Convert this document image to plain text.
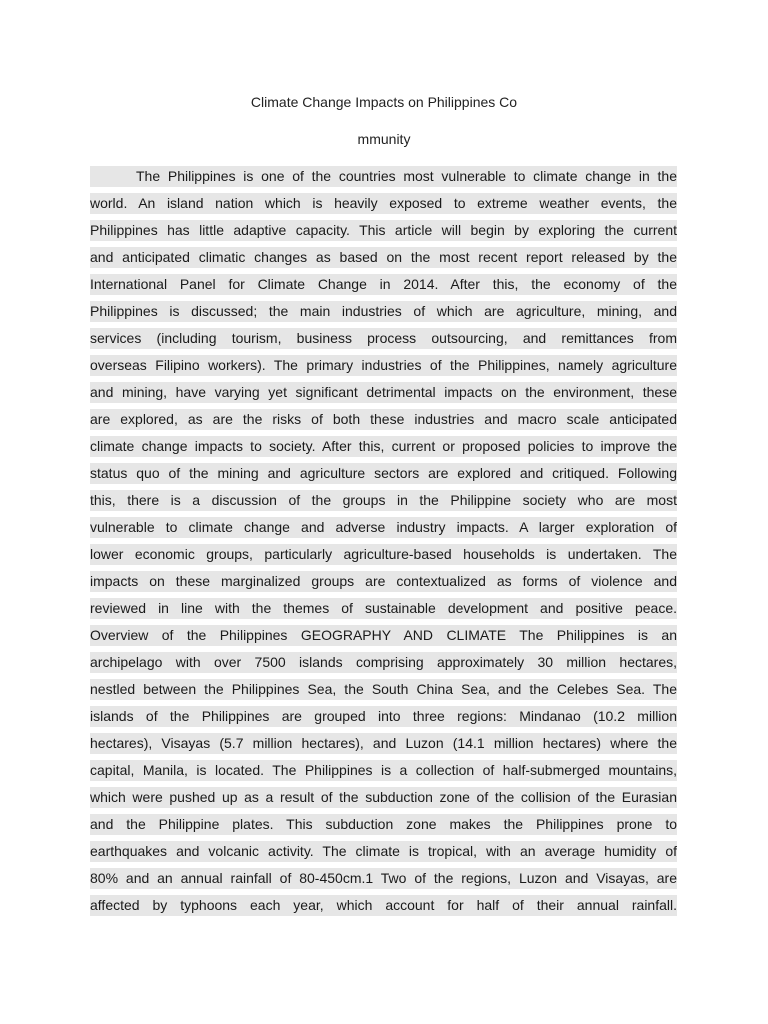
Climate Change Impacts on Philippines Co
mmunity
The Philippines is one of the countries most vulnerable to climate change in the
world. An island nation which is heavily exposed to extreme weather events, the
Philippines has little adaptive capacity. This article will begin by exploring the current
and anticipated climatic changes as based on the most recent report released by the
International Panel for Climate Change in 2014. After this, the economy of the
Philippines is discussed; the main industries of which are agriculture, mining, and
services (including tourism, business process outsourcing, and remittances from
overseas Filipino workers). The primary industries of the Philippines, namely agriculture
and mining, have varying yet significant detrimental impacts on the environment, these
are explored, as are the risks of both these industries and macro scale anticipated
climate change impacts to society. After this, current or proposed policies to improve the
status quo of the mining and agriculture sectors are explored and critiqued. Following
this, there is a discussion of the groups in the Philippine society who are most
vulnerable to climate change and adverse industry impacts. A larger exploration of
lower economic groups, particularly agriculture-based households is undertaken. The
impacts on these marginalized groups are contextualized as forms of violence and
reviewed in line with the themes of sustainable development and positive peace.
Overview of the Philippines GEOGRAPHY AND CLIMATE The Philippines is an
archipelago with over 7500 islands comprising approximately 30 million hectares,
nestled between the Philippines Sea, the South China Sea, and the Celebes Sea. The
islands of the Philippines are grouped into three regions: Mindanao (10.2 million
hectares), Visayas (5.7 million hectares), and Luzon (14.1 million hectares) where the
capital, Manila, is located. The Philippines is a collection of half-submerged mountains,
which were pushed up as a result of the subduction zone of the collision of the Eurasian
and the Philippine plates. This subduction zone makes the Philippines prone to
earthquakes and volcanic activity. The climate is tropical, with an average humidity of
80% and an annual rainfall of 80-450cm.1 Two of the regions, Luzon and Visayas, are
affected by typhoons each year, which account for half of their annual rainfall.
